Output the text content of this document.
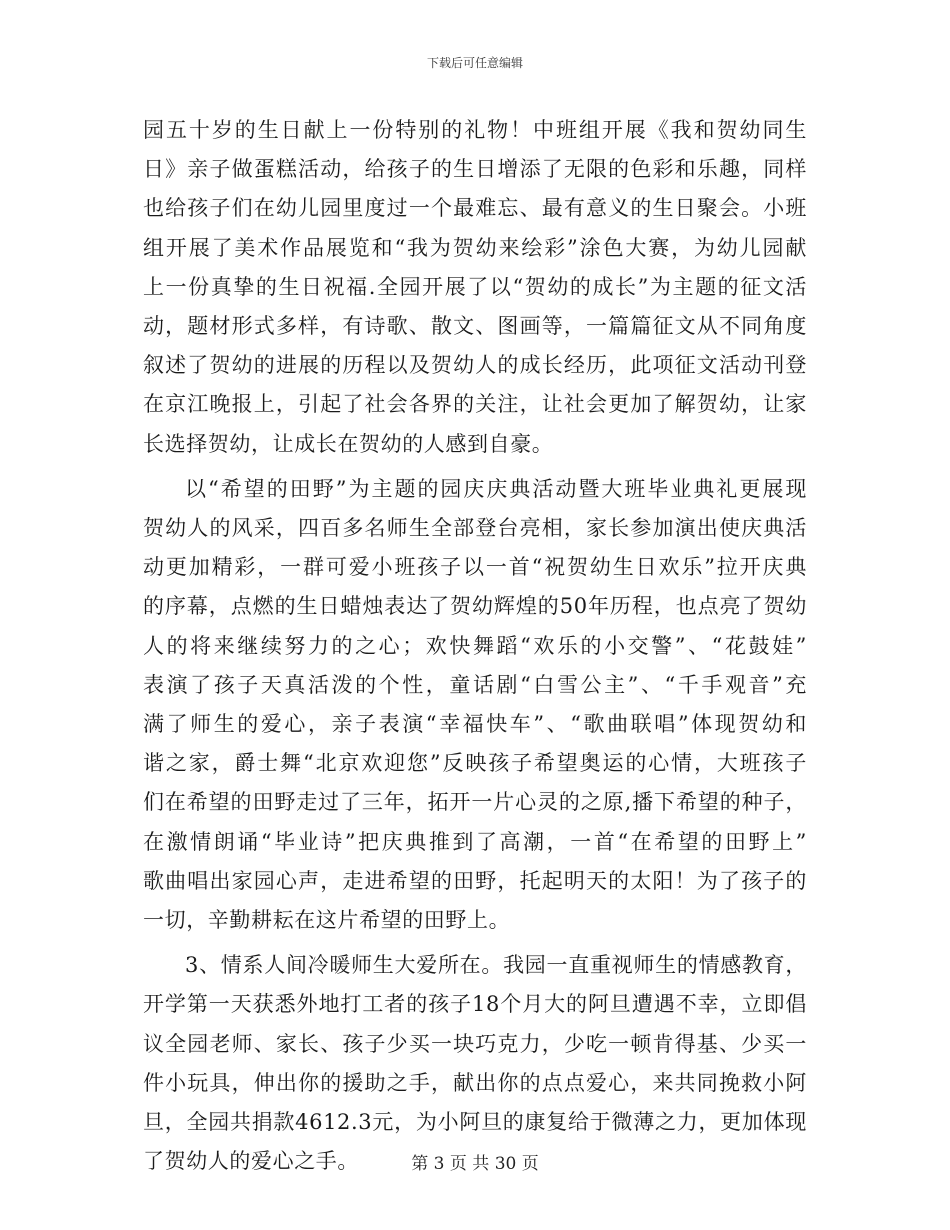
下载后可任意编辑

园五十岁的生日献上一份特别的礼物！中班组开展《我和贺幼同生
日》亲子做蛋糕活动，给孩子的生日增添了无限的色彩和乐趣，同样
也给孩子们在幼儿园里度过一个最难忘、最有意义的生日聚会。小班
组开展了美术作品展览和“我为贺幼来绘彩”涂色大赛，为幼儿园献
上一份真挚的生日祝福.全园开展了以“贺幼的成长”为主题的征文活
动，题材形式多样，有诗歌、散文、图画等，一篇篇征文从不同角度
叙述了贺幼的进展的历程以及贺幼人的成长经历，此项征文活动刊登
在京江晚报上，引起了社会各界的关注，让社会更加了解贺幼，让家
长选择贺幼，让成长在贺幼的人感到自豪。

以“希望的田野”为主题的园庆庆典活动暨大班毕业典礼更展现
贺幼人的风采，四百多名师生全部登台亮相，家长参加演出使庆典活
动更加精彩，一群可爱小班孩子以一首“祝贺幼生日欢乐”拉开庆典
的序幕，点燃的生日蜡烛表达了贺幼辉煌的50年历程，也点亮了贺幼
人的将来继续努力的之心；欢快舞蹈“欢乐的小交警”、“花鼓娃”
表演了孩子天真活泼的个性，童话剧“白雪公主”、“千手观音”充
满了师生的爱心，亲子表演“幸福快车”、“歌曲联唱”体现贺幼和
谐之家，爵士舞“北京欢迎您”反映孩子希望奥运的心情，大班孩子
们在希望的田野走过了三年，拓开一片心灵的之原,播下希望的种子，
在激情朗诵“毕业诗”把庆典推到了高潮，一首“在希望的田野上”
歌曲唱出家园心声，走进希望的田野，托起明天的太阳！为了孩子的
一切，辛勤耕耘在这片希望的田野上。

3、情系人间冷暖师生大爱所在。我园一直重视师生的情感教育，
开学第一天获悉外地打工者的孩子18个月大的阿旦遭遇不幸，立即倡
议全园老师、家长、孩子少买一块巧克力，少吃一顿肯得基、少买一
件小玩具，伸出你的援助之手，献出你的点点爱心，来共同挽救小阿
旦，全园共捐款4612.3元，为小阿旦的康复给于微薄之力，更加体现
了贺幼人的爱心之手。	第 3 页 共 30 页
